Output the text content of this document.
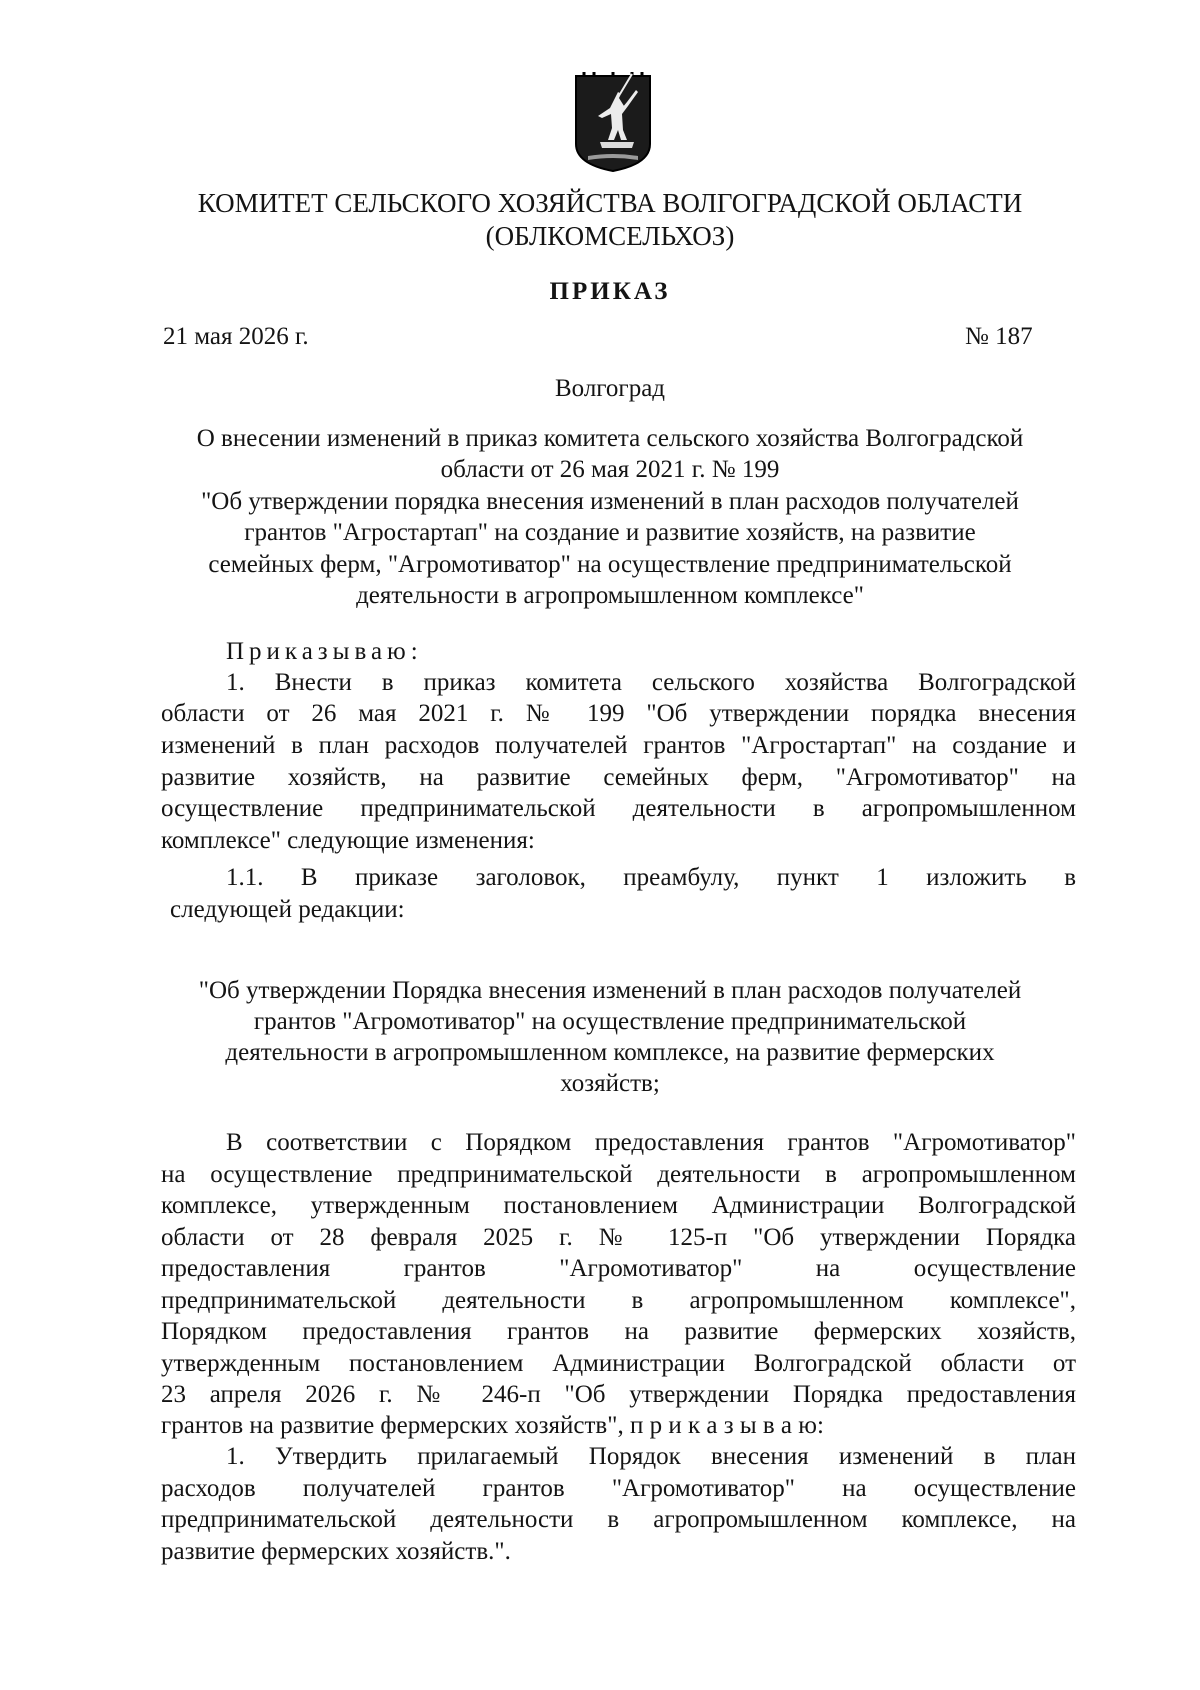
КОМИТЕТ СЕЛЬСКОГО ХОЗЯЙСТВА ВОЛГОГРАДСКОЙ ОБЛАСТИ

(ОБЛКОМСЕЛЬХОЗ)

ПРИКАЗ

21 мая 2026 г.	№ 187

Волгоград

О внесении изменений в приказ комитета сельского хозяйства Волгоградской

области от 26 мая 2021 г. № 199

"Об утверждении порядка внесения изменений в план расходов получателей

грантов "Агростартап" на создание и развитие хозяйств, на развитие

семейных ферм, "Агромотиватор" на осуществление предпринимательской

деятельности в агропромышленном комплексе"

Приказываю:

1. Внести в приказ комитета сельского хозяйства Волгоградской

области от 26 мая 2021 г. № 199 "Об утверждении порядка внесения

изменений в план расходов получателей грантов "Агростартап" на создание и

развитие хозяйств, на развитие семейных ферм, "Агромотиватор" на

осуществление предпринимательской деятельности в агропромышленном

комплексе" следующие изменения:

1.1. В приказе заголовок, преамбулу, пункт 1 изложить в

следующей редакции:

"Об утверждении Порядка внесения изменений в план расходов получателей

грантов "Агромотиватор" на осуществление предпринимательской

деятельности в агропромышленном комплексе, на развитие фермерских

хозяйств;

В соответствии с Порядком предоставления грантов "Агромотиватор"

на осуществление предпринимательской деятельности в агропромышленном

комплексе, утвержденным постановлением Администрации Волгоградской

области от 28 февраля 2025 г. № 125-п "Об утверждении Порядка

предоставления грантов "Агромотиватор" на осуществление

предпринимательской деятельности в агропромышленном комплексе",

Порядком предоставления грантов на развитие фермерских хозяйств,

утвержденным постановлением Администрации Волгоградской области от

23 апреля 2026 г. № 246-п "Об утверждении Порядка предоставления

грантов на развитие фермерских хозяйств", п р и к а з ы в а ю:

1. Утвердить прилагаемый Порядок внесения изменений в план

расходов получателей грантов "Агромотиватор" на осуществление

предпринимательской деятельности в агропромышленном комплексе, на

развитие фермерских хозяйств.".
